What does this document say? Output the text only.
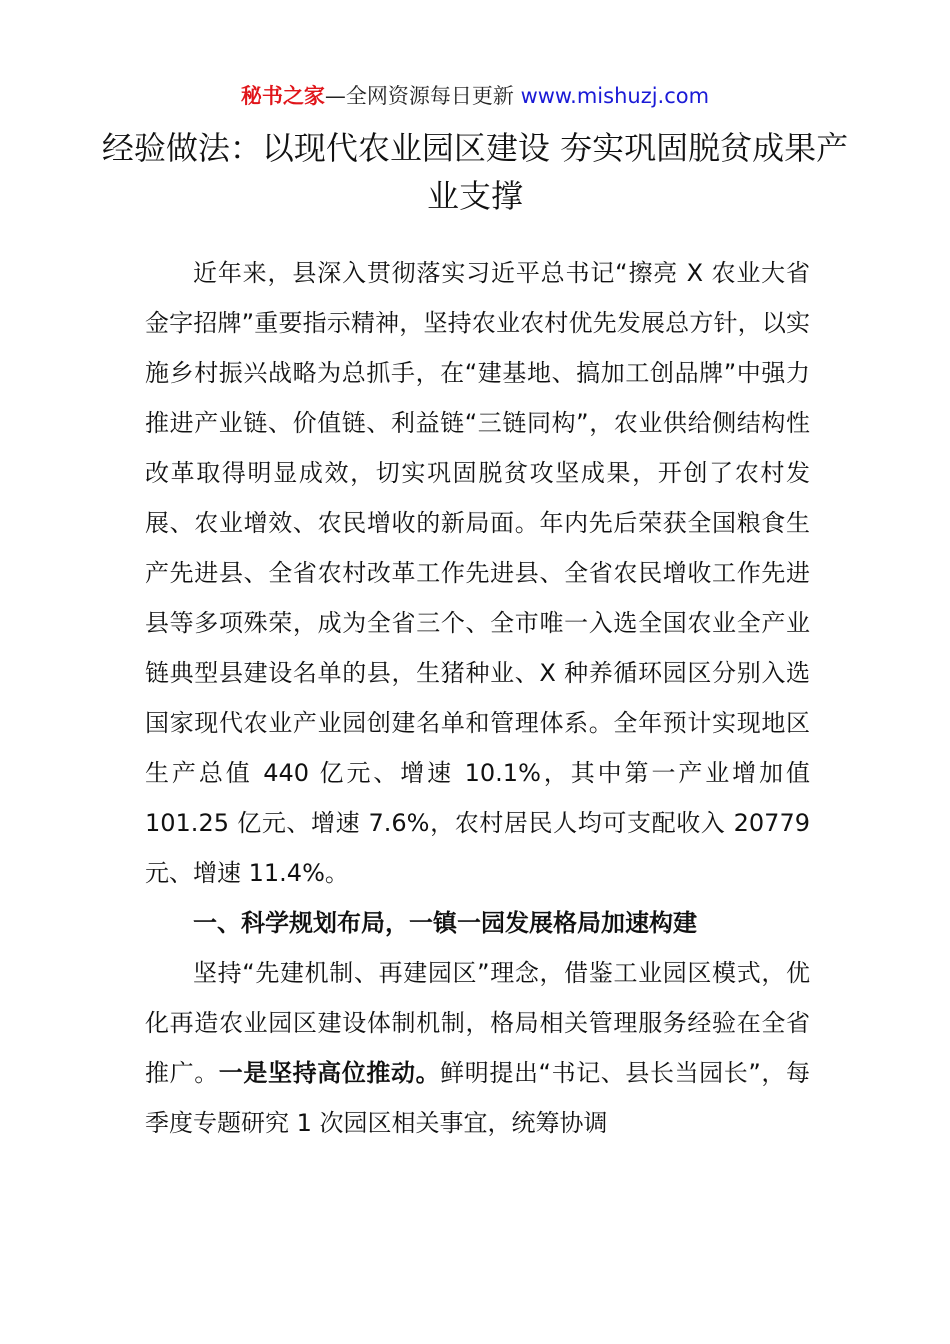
秘书之家—全网资源每日更新 www.mishuzj.com
经验做法：以现代农业园区建设 夯实巩固脱贫成果产业支撑

近年来，县深入贯彻落实习近平总书记“擦亮 X 农业大省金字招牌”重要指示精神，坚持农业农村优先发展总方针，以实施乡村振兴战略为总抓手，在“建基地、搞加工创品牌”中强力推进产业链、价值链、利益链“三链同构”，农业供给侧结构性改革取得明显成效，切实巩固脱贫攻坚成果，开创了农村发展、农业增效、农民增收的新局面。年内先后荣获全国粮食生产先进县、全省农村改革工作先进县、全省农民增收工作先进县等多项殊荣，成为全省三个、全市唯一入选全国农业全产业链典型县建设名单的县，生猪种业、X 种养循环园区分别入选国家现代农业产业园创建名单和管理体系。全年预计实现地区生产总值 440 亿元、增速 10.1%，其中第一产业增加值 101.25 亿元、增速 7.6%，农村居民人均可支配收入 20779 元、增速 11.4%。

一、科学规划布局，一镇一园发展格局加速构建

坚持“先建机制、再建园区”理念，借鉴工业园区模式，优化再造农业园区建设体制机制，格局相关管理服务经验在全省推广。一是坚持高位推动。鲜明提出“书记、县长当园长”，每季度专题研究 1 次园区相关事宜，统筹协调
